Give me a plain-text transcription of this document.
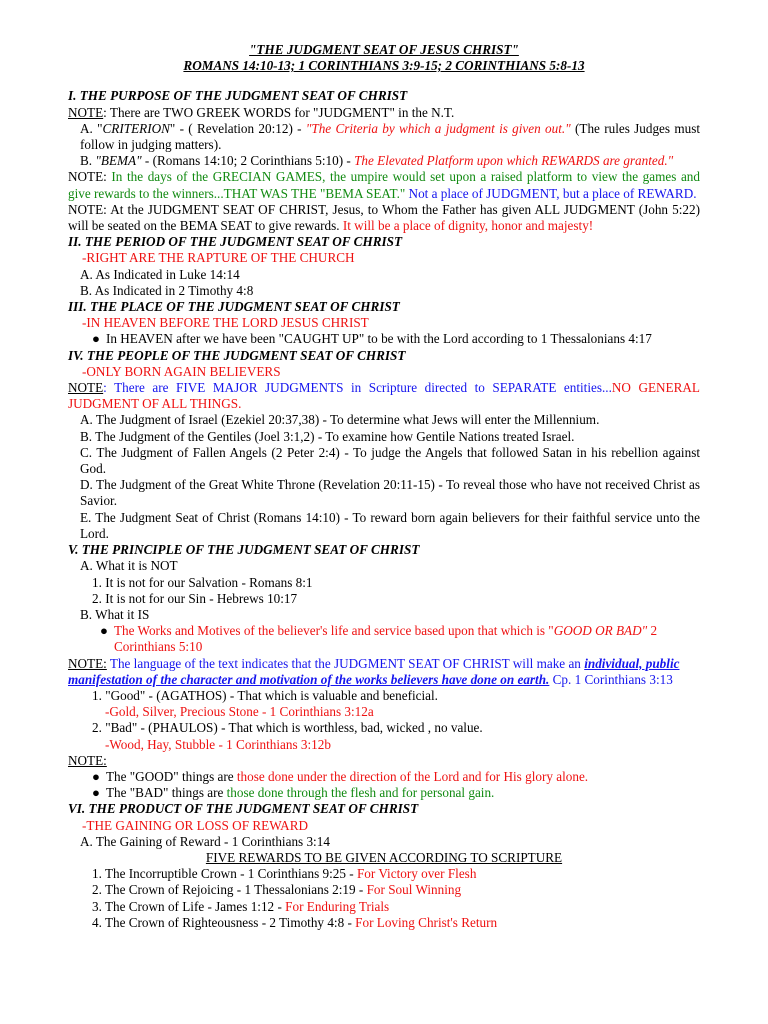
"THE JUDGMENT SEAT OF JESUS CHRIST"

ROMANS 14:10-13; 1 CORINTHIANS 3:9-15; 2 CORINTHIANS 5:8-13

I. THE PURPOSE OF THE JUDGMENT SEAT OF CHRIST

NOTE: There are TWO GREEK WORDS for "JUDGMENT" in the N.T.

A. "CRITERION" - ( Revelation 20:12) - "The Criteria by which a judgment is given out." (The rules Judges must follow in judging matters).

B. "BEMA" - (Romans 14:10; 2 Corinthians 5:10) - The Elevated Platform upon which REWARDS are granted."

NOTE: In the days of the GRECIAN GAMES, the umpire would set upon a raised platform to view the games and give rewards to the winners...THAT WAS THE "BEMA SEAT." Not a place of JUDGMENT, but a place of REWARD.

NOTE: At the JUDGMENT SEAT OF CHRIST, Jesus, to Whom the Father has given ALL JUDGMENT (John 5:22) will be seated on the BEMA SEAT to give rewards. It will be a place of dignity, honor and majesty!

II. THE PERIOD OF THE JUDGMENT SEAT OF CHRIST

-RIGHT ARE THE RAPTURE OF THE CHURCH

A. As Indicated in Luke 14:14

B. As Indicated in 2 Timothy 4:8

III. THE PLACE OF THE JUDGMENT SEAT OF CHRIST

-IN HEAVEN BEFORE THE LORD JESUS CHRIST

● In HEAVEN after we have been "CAUGHT UP" to be with the Lord according to 1 Thessalonians 4:17

IV. THE PEOPLE OF THE JUDGMENT SEAT OF CHRIST

-ONLY BORN AGAIN BELIEVERS

NOTE: There are FIVE MAJOR JUDGMENTS in Scripture directed to SEPARATE entities...NO GENERAL JUDGMENT OF ALL THINGS.

A. The Judgment of Israel (Ezekiel 20:37,38) - To determine what Jews will enter the Millennium.

B. The Judgment of the Gentiles (Joel 3:1,2) - To examine how Gentile Nations treated Israel.

C. The Judgment of Fallen Angels (2 Peter 2:4) - To judge the Angels that followed Satan in his rebellion against God.

D. The Judgment of the Great White Throne (Revelation 20:11-15) - To reveal those who have not received Christ as Savior.

E. The Judgment Seat of Christ (Romans 14:10) - To reward born again believers for their faithful service unto the Lord.

V. THE PRINCIPLE OF THE JUDGMENT SEAT OF CHRIST

A. What it is NOT

1. It is not for our Salvation - Romans 8:1

2. It is not for our Sin - Hebrews 10:17

B. What it IS

● The Works and Motives of the believer's life and service based upon that which is "GOOD OR BAD" 2 Corinthians 5:10

NOTE: The language of the text indicates that the JUDGMENT SEAT OF CHRIST will make an individual, public manifestation of the character and motivation of the works believers have done on earth. Cp. 1 Corinthians 3:13

1. "Good" - (AGATHOS) - That which is valuable and beneficial.

-Gold, Silver, Precious Stone - 1 Corinthians 3:12a

2. "Bad" - (PHAULOS) - That which is worthless, bad, wicked , no value.

-Wood, Hay, Stubble - 1 Corinthians 3:12b

NOTE:

● The "GOOD" things are those done under the direction of the Lord and for His glory alone.

● The "BAD" things are those done through the flesh and for personal gain.

VI. THE PRODUCT OF THE JUDGMENT SEAT OF CHRIST

-THE GAINING OR LOSS OF REWARD

A. The Gaining of Reward - 1 Corinthians 3:14

FIVE REWARDS TO BE GIVEN ACCORDING TO SCRIPTURE

1. The Incorruptible Crown - 1 Corinthians 9:25 - For Victory over Flesh

2. The Crown of Rejoicing - 1 Thessalonians 2:19 - For Soul Winning

3. The Crown of Life - James 1:12 - For Enduring Trials

4. The Crown of Righteousness - 2 Timothy 4:8 - For Loving Christ's Return
